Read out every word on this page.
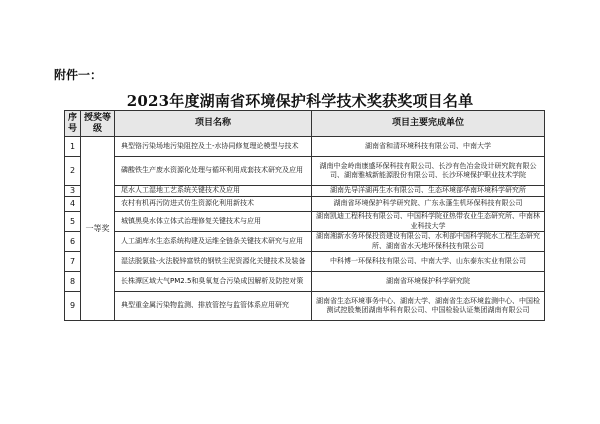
附件一：
2023年度湖南省环境保护科学技术奖获奖项目名单
序号	授奖等级	项目名称	项目主要完成单位
1	一等奖	典型铬污染场地污染阻控及土-水协同修复理论模型与技术	湖南省和清环境科技有限公司、中南大学
2		磷酸铁生产废水资源化处理与循环利用成套技术研究及应用	湖南中金岭南康盛环保科技有限公司、长沙有色冶金设计研究院有限公司、湖南雅城新能源股份有限公司、长沙环境保护职业技术学院
3		尾水人工湿地工艺系统关键技术及应用	湖南先导洋湖再生水有限公司、生态环境部华南环境科学研究所
4		农村有机再污防进式仿生资源化利用新技术	湖南省环境保护科学研究院、广东永蓬生机环保科技有限公司
5		城镇黑臭水体立体式治理修复关键技术与应用	湖南凯迪工程科技有限公司、中国科学院亚热带农业生态研究所、中南林业科技大学
6		人工湖库水生态系统构建及运维全链条关键技术研究与应用	湖南湘新水务环保投资建设有限公司、水利部中国科学院水工程生态研究所、湖南省水天地环保科技有限公司
7		湿法脱氯盐-火法脱锌富铁的钢铁尘泥资源化关键技术及装备	中科博一环保科技有限公司、中南大学、山东泰东实业有限公司
8		长株潭区域大气PM2.5和臭氧复合污染成因解析及防控对策	湖南省环境保护科学研究院
9		典型重金属污染物监测、排放管控与监管体系应用研究	湖南省生态环境事务中心、湖南大学、湖南省生态环境监测中心、中国检测试控股集团湖南华科有限公司、中国检验认证集团湖南有限公司
